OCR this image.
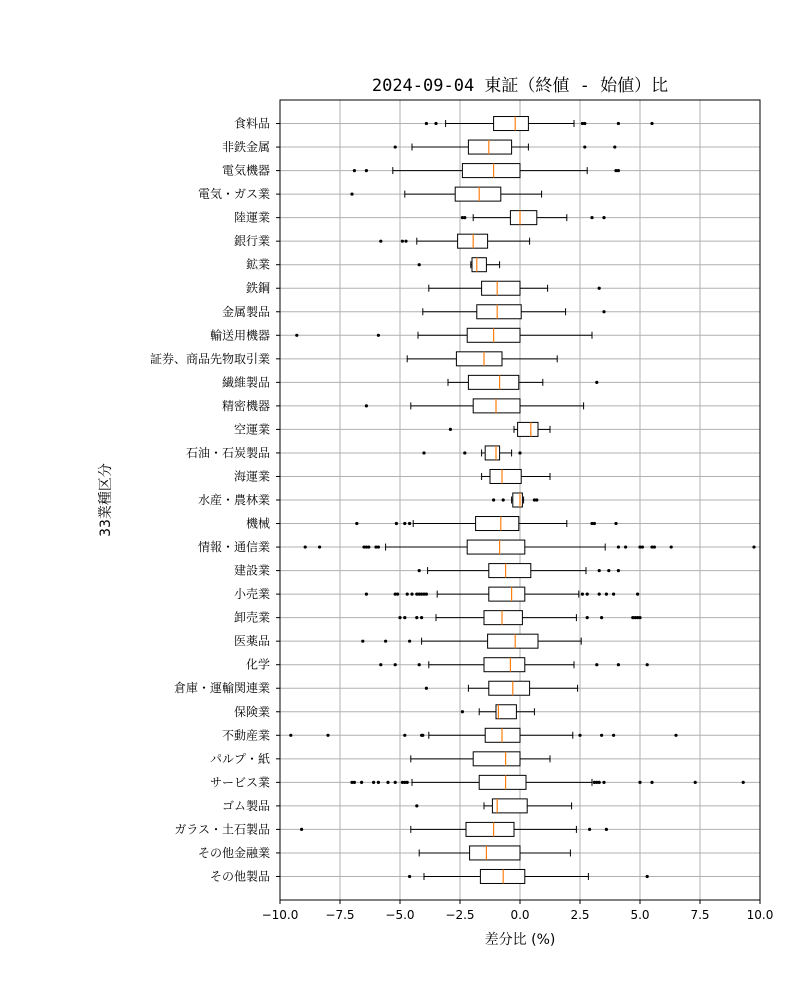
2024-09-04 東証（終値 - 始値）比
−10.0 −7.5	−5.0	−2.5	0.0	2.5	5.0	7.5	10.0
食料品
非鉄金属
電気機器
電気・ガス業
陸運業
銀行業
鉱業
鉄鋼
金属製品
輸送用機器
証券、商品先物取引業
繊維製品
精密機器
空運業
石油・石炭製品
海運業
水産・農林業
機械
情報・通信業
建設業
小売業
卸売業
医薬品
化学
倉庫・運輸関連業
保険業
不動産業
パルプ・紙
サービス業
ゴム製品
ガラス・土石製品
その他金融業
その他製品
差分比 (%)
33業種区分
